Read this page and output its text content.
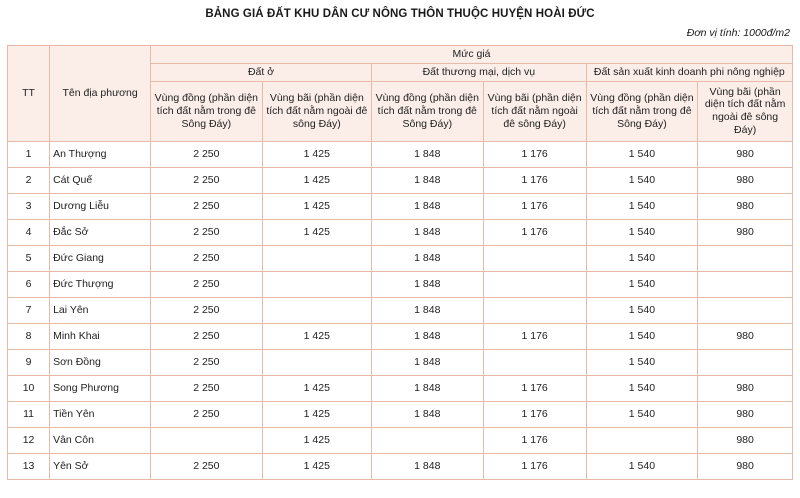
BẢNG GIÁ ĐẤT KHU DÂN CƯ NÔNG THÔN THUỘC HUYỆN HOÀI ĐỨC
Đơn vị tính: 1000đ/m2
TT	Tên địa phương	Mức giá					
		Đất ở		Đất thương mại, dịch vụ		Đất sản xuất kinh doanh phi nông nghiệp	
		Vùng đồng (phần diện tích đất nằm trong đê Sông Đáy)	Vùng bãi (phần diện tích đất nằm ngoài đê sông Đáy)	Vùng đồng (phần diện tích đất nằm trong đê Sông Đáy)	Vùng bãi (phần diện tích đất nằm ngoài đê sông Đáy)	Vùng đồng (phần diện tích đất nằm trong đê Sông Đáy)	Vùng bãi (phần diện tích đất nằm ngoài đê sông Đáy)
1	An Thượng	2 250	1 425	1 848	1 176	1 540	980
2	Cát Quế	2 250	1 425	1 848	1 176	1 540	980
3	Dương Liễu	2 250	1 425	1 848	1 176	1 540	980
4	Đắc Sở	2 250	1 425	1 848	1 176	1 540	980
5	Đức Giang	2 250		1 848		1 540	
6	Đức Thượng	2 250		1 848		1 540	
7	Lai Yên	2 250		1 848		1 540	
8	Minh Khai	2 250	1 425	1 848	1 176	1 540	980
9	Sơn Đồng	2 250		1 848		1 540	
10	Song Phương	2 250	1 425	1 848	1 176	1 540	980
11	Tiền Yên	2 250	1 425	1 848	1 176	1 540	980
12	Vân Côn		1 425		1 176		980
13	Yên Sở	2 250	1 425	1 848	1 176	1 540	980
